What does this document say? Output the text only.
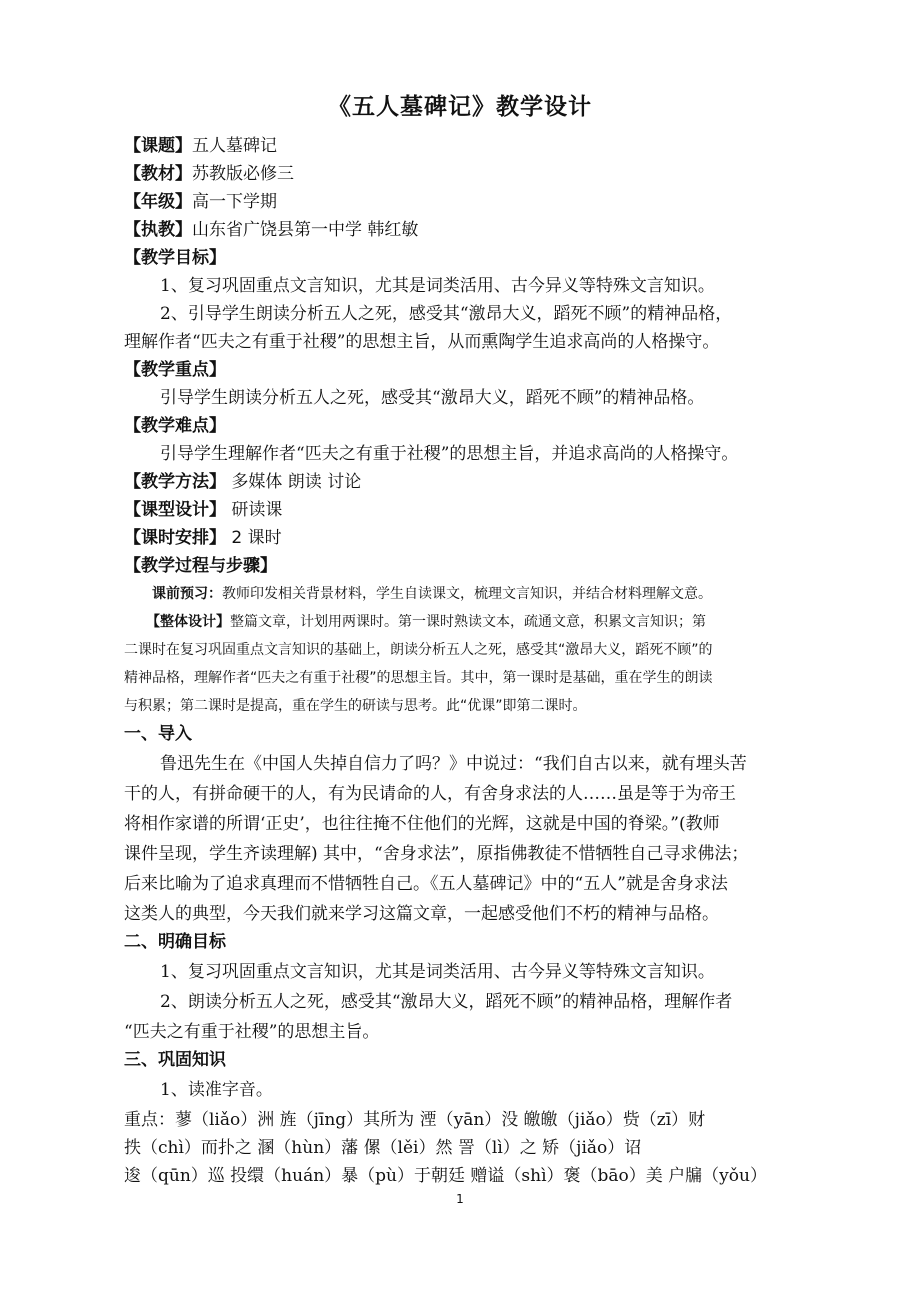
《五人墓碑记》教学设计
【课题】五人墓碑记
【教材】苏教版必修三
【年级】高一下学期
【执教】山东省广饶县第一中学 韩红敏
【教学目标】
1、复习巩固重点文言知识，尤其是词类活用、古今异义等特殊文言知识。
2、引导学生朗读分析五人之死，感受其“激昂大义，蹈死不顾”的精神品格，
理解作者“匹夫之有重于社稷”的思想主旨，从而熏陶学生追求高尚的人格操守。
【教学重点】
引导学生朗读分析五人之死，感受其“激昂大义，蹈死不顾”的精神品格。
【教学难点】
引导学生理解作者“匹夫之有重于社稷”的思想主旨，并追求高尚的人格操守。
【教学方法】 多媒体 朗读 讨论
【课型设计】 研读课
【课时安排】 2 课时
【教学过程与步骤】
课前预习：教师印发相关背景材料，学生自读课文，梳理文言知识，并结合材料理解文意。
【整体设计】整篇文章，计划用两课时。第一课时熟读文本，疏通文意，积累文言知识；第
二课时在复习巩固重点文言知识的基础上，朗读分析五人之死，感受其“激昂大义，蹈死不顾”的
精神品格，理解作者“匹夫之有重于社稷”的思想主旨。其中，第一课时是基础，重在学生的朗读
与积累；第二课时是提高，重在学生的研读与思考。此“优课”即第二课时。
一、导入
鲁迅先生在《中国人失掉自信力了吗？》中说过：“我们自古以来，就有埋头苦
干的人，有拼命硬干的人，有为民请命的人，有舍身求法的人……虽是等于为帝王
将相作家谱的所谓‘正史’，也往往掩不住他们的光辉，这就是中国的脊梁。”(教师
课件呈现，学生齐读理解) 其中，“舍身求法”，原指佛教徒不惜牺牲自己寻求佛法；
后来比喻为了追求真理而不惜牺牲自己。《五人墓碑记》中的“五人”就是舍身求法
这类人的典型，今天我们就来学习这篇文章，一起感受他们不朽的精神与品格。
二、明确目标
1、复习巩固重点文言知识，尤其是词类活用、古今异义等特殊文言知识。
2、朗读分析五人之死，感受其“激昂大义，蹈死不顾”的精神品格，理解作者
“匹夫之有重于社稷”的思想主旨。
三、巩固知识
1、读准字音。
重点：蓼（liǎo）洲 旌（jīng）其所为 湮（yān）没 皦皦（jiǎo）赀（zī）财
抶（chì）而扑之 溷（hùn）藩 傫（lěi）然 詈（lì）之 矫（jiǎo）诏
逡（qūn）巡 投缳（huán）暴（pù）于朝廷 赠谥（shì）褒（bāo）美 户牖（yǒu）
1
